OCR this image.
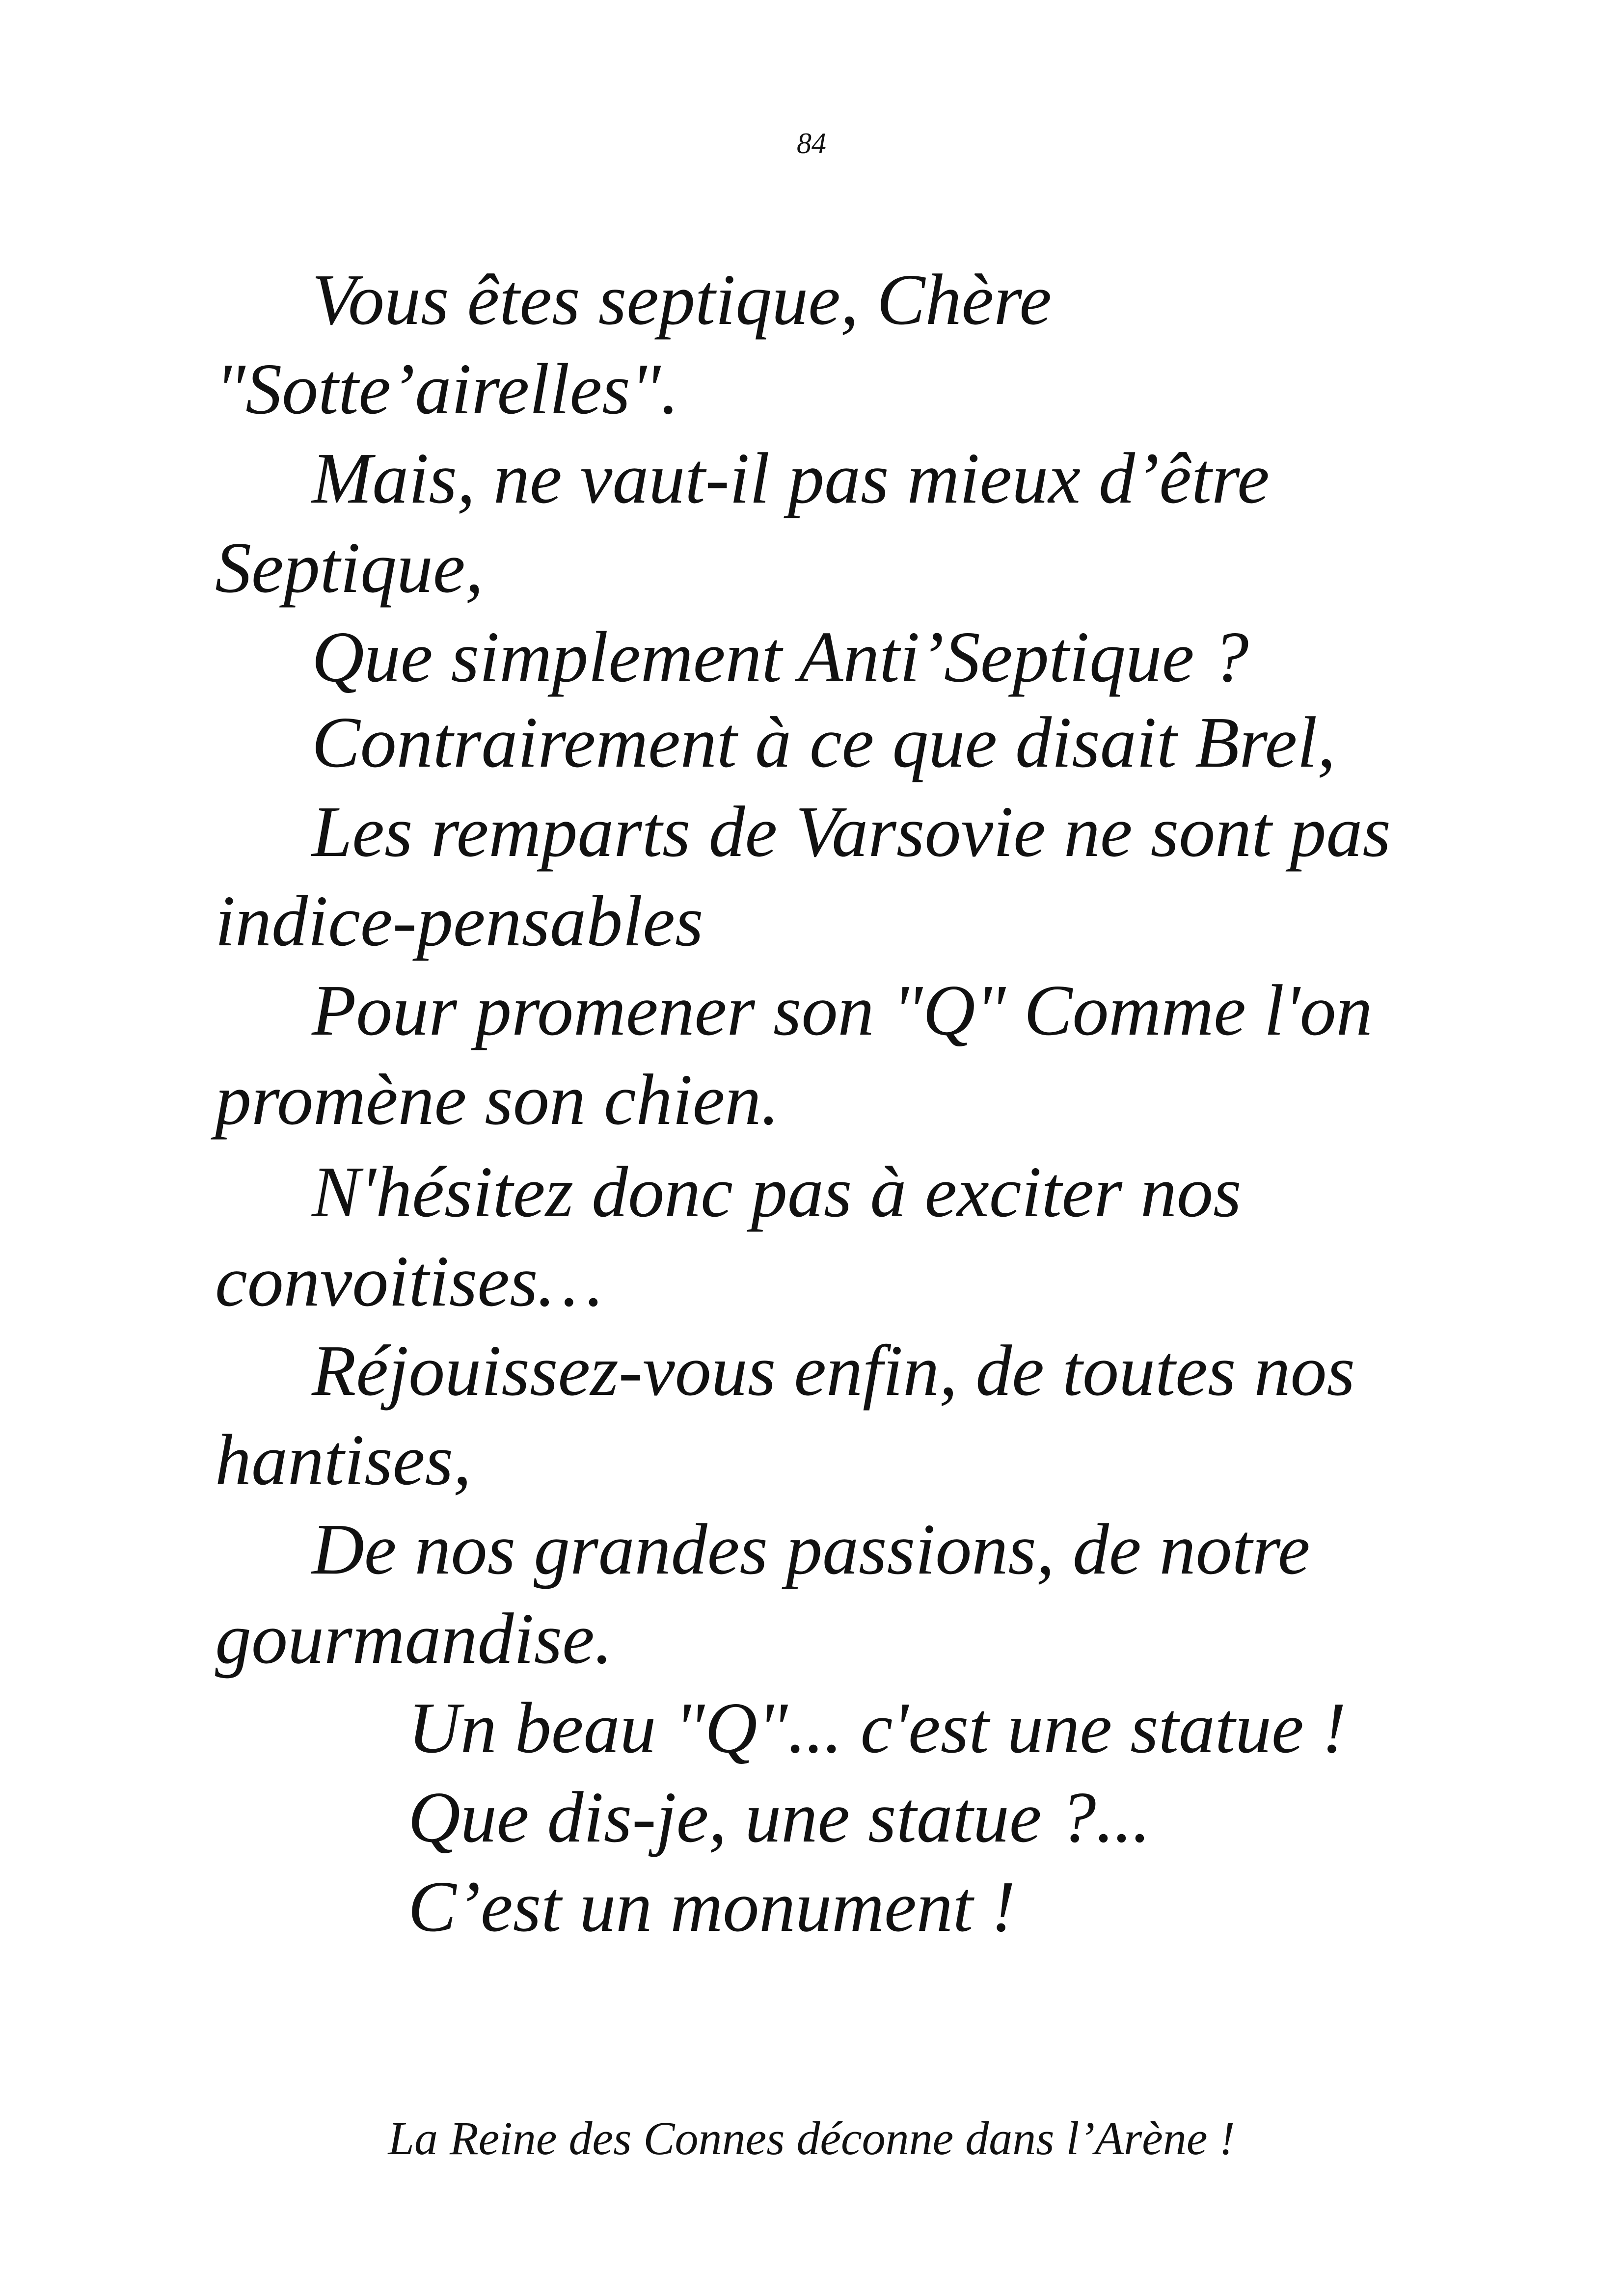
84
Vous êtes septique, Chère
"Sotte’airelles".
Mais, ne vaut-il pas mieux d’être
Septique,
Que simplement Anti’Septique ?
Contrairement à ce que disait Brel,
Les remparts de Varsovie ne sont pas
indice-pensables
Pour promener son "Q" Comme l'on
promène son chien.
N'hésitez donc pas à exciter nos
convoitises…
Réjouissez-vous enfin, de toutes nos
hantises,
De nos grandes passions, de notre
gourmandise.
Un beau "Q"... c'est une statue !
Que dis-je, une statue ?...
C’est un monument !
La Reine des Connes déconne dans l’Arène !
